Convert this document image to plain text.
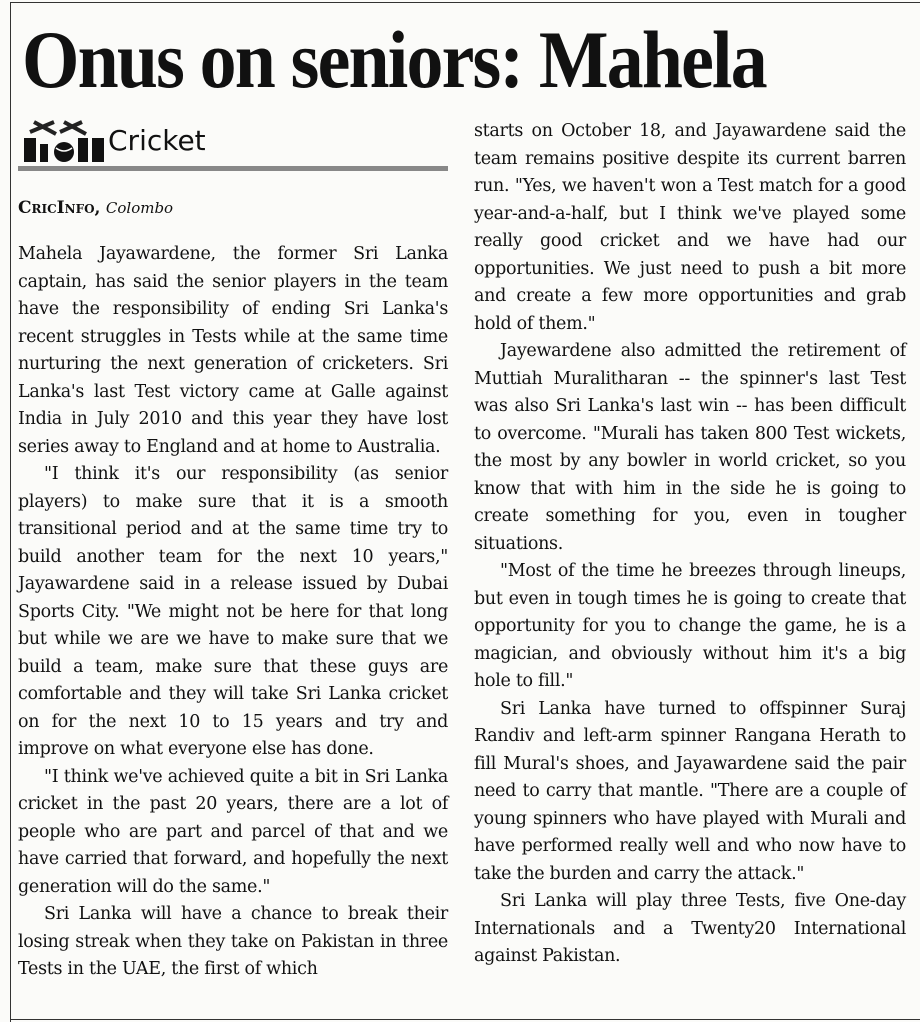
Onus on seniors: Mahela
Cricket
CricInfo, Colombo

Mahela Jayawardene, the former Sri Lanka captain, has said the senior players in the team have the responsibility of ending Sri Lanka's recent struggles in Tests while at the same time nurturing the next generation of cricketers. Sri Lanka's last Test victory came at Galle against India in July 2010 and this year they have lost series away to England and at home to Australia.

"I think it's our responsibility (as senior players) to make sure that it is a smooth transitional period and at the same time try to build another team for the next 10 years," Jayawardene said in a release issued by Dubai Sports City. "We might not be here for that long but while we are we have to make sure that we build a team, make sure that these guys are comfortable and they will take Sri Lanka cricket on for the next 10 to 15 years and try and improve on what everyone else has done.

"I think we've achieved quite a bit in Sri Lanka cricket in the past 20 years, there are a lot of people who are part and parcel of that and we have carried that forward, and hopefully the next generation will do the same."

Sri Lanka will have a chance to break their losing streak when they take on Pakistan in three Tests in the UAE, the first of which

starts on October 18, and Jayawardene said the team remains positive despite its current barren run. "Yes, we haven't won a Test match for a good year-and-a-half, but I think we've played some really good cricket and we have had our opportunities. We just need to push a bit more and create a few more opportunities and grab hold of them."

Jayewardene also admitted the retirement of Muttiah Muralitharan -- the spinner's last Test was also Sri Lanka's last win -- has been difficult to overcome. "Murali has taken 800 Test wickets, the most by any bowler in world cricket, so you know that with him in the side he is going to create something for you, even in tougher situations.

"Most of the time he breezes through lineups, but even in tough times he is going to create that opportunity for you to change the game, he is a magician, and obviously without him it's a big hole to fill."

Sri Lanka have turned to offspinner Suraj Randiv and left-arm spinner Rangana Herath to fill Mural's shoes, and Jayawardene said the pair need to carry that mantle. "There are a couple of young spinners who have played with Murali and have performed really well and who now have to take the burden and carry the attack."

Sri Lanka will play three Tests, five One-day Internationals and a Twenty20 International against Pakistan.
